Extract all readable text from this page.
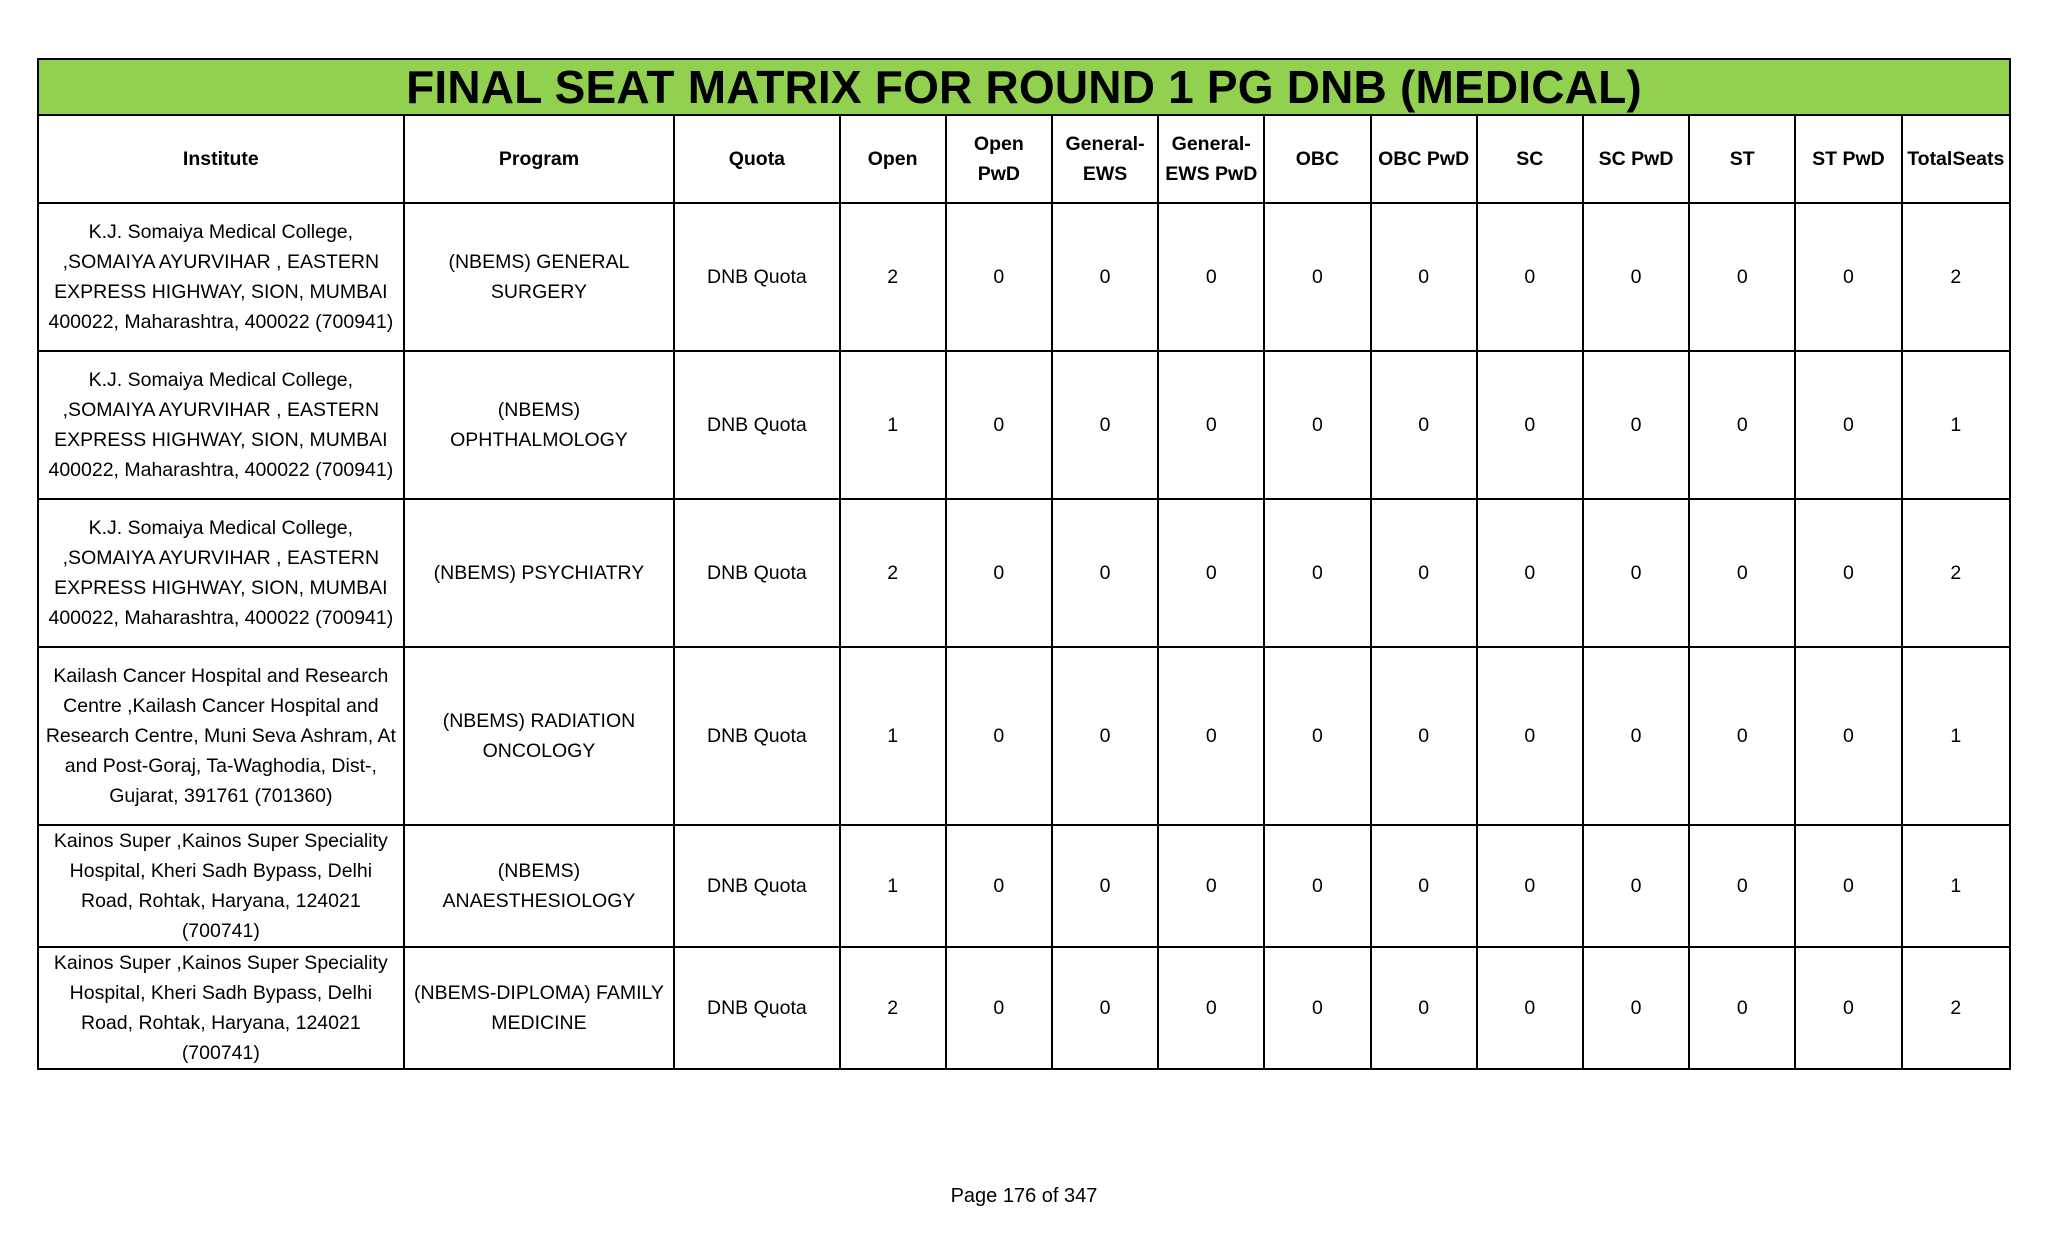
FINAL SEAT MATRIX FOR ROUND 1 PG DNB (MEDICAL)													
Institute	Program	Quota	Open	Open PwD	General-EWS	General-EWS PwD	OBC	OBC PwD	SC	SC PwD	ST	ST PwD	TotalSeats
K.J. Somaiya Medical College, ,SOMAIYA AYURVIHAR , EASTERN EXPRESS HIGHWAY, SION, MUMBAI 400022, Maharashtra, 400022 (700941)	(NBEMS) GENERAL SURGERY	DNB Quota	2	0	0	0	0	0	0	0	0	0	2
K.J. Somaiya Medical College, ,SOMAIYA AYURVIHAR , EASTERN EXPRESS HIGHWAY, SION, MUMBAI 400022, Maharashtra, 400022 (700941)	(NBEMS) OPHTHALMOLOGY	DNB Quota	1	0	0	0	0	0	0	0	0	0	1
K.J. Somaiya Medical College, ,SOMAIYA AYURVIHAR , EASTERN EXPRESS HIGHWAY, SION, MUMBAI 400022, Maharashtra, 400022 (700941)	(NBEMS) PSYCHIATRY	DNB Quota	2	0	0	0	0	0	0	0	0	0	2
Kailash Cancer Hospital and Research Centre ,Kailash Cancer Hospital and Research Centre, Muni Seva Ashram, At and Post-Goraj, Ta-Waghodia, Dist-, Gujarat, 391761 (701360)	(NBEMS) RADIATION ONCOLOGY	DNB Quota	1	0	0	0	0	0	0	0	0	0	1
Kainos Super ,Kainos Super Speciality Hospital, Kheri Sadh Bypass, Delhi Road, Rohtak, Haryana, 124021 (700741)	(NBEMS) ANAESTHESIOLOGY	DNB Quota	1	0	0	0	0	0	0	0	0	0	1
Kainos Super ,Kainos Super Speciality Hospital, Kheri Sadh Bypass, Delhi Road, Rohtak, Haryana, 124021 (700741)	(NBEMS-DIPLOMA) FAMILY MEDICINE	DNB Quota	2	0	0	0	0	0	0	0	0	0	2
Page 176 of 347
